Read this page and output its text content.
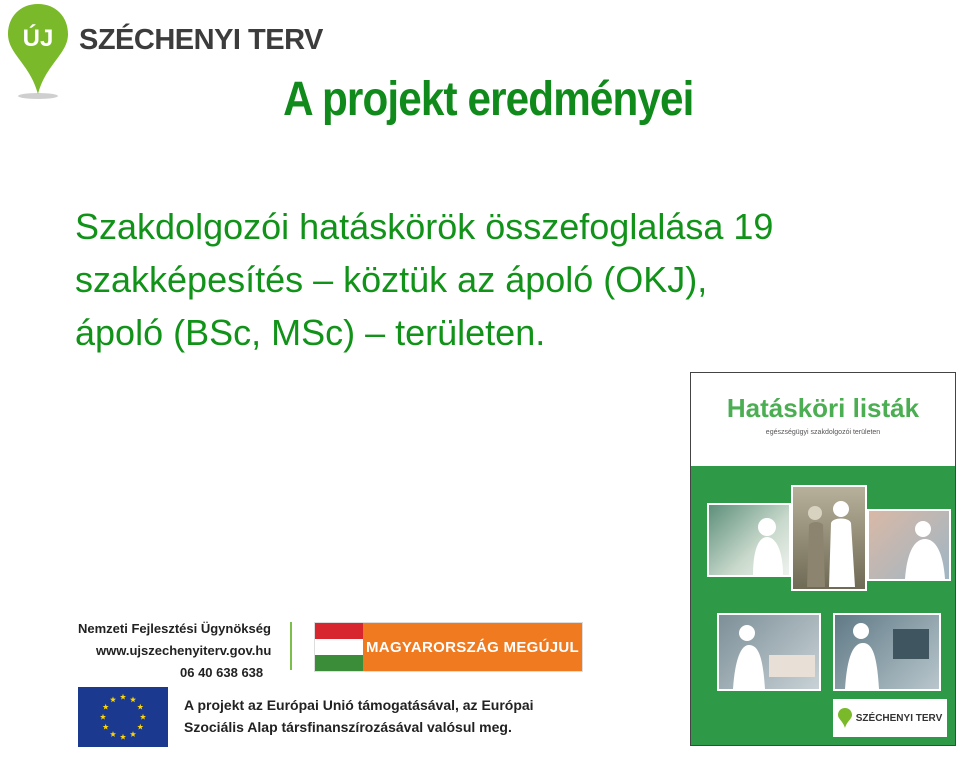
ÚJ SZÉCHENYI TERV
A projekt eredményei
Szakdolgozói hatáskörök összefoglalása 19
szakképesítés – köztük az ápoló (OKJ),
ápoló (BSc, MSc) – területen.
Nemzeti Fejlesztési Ügynökség
www.ujszechenyiterv.gov.hu
06 40 638 638
MAGYARORSZÁG MEGÚJUL
A projekt az Európai Unió támogatásával, az Európai
Szociális Alap társfinanszírozásával valósul meg.
Hatásköri listák
egészségügyi szakdolgozói területen
SZÉCHENYI TERV
